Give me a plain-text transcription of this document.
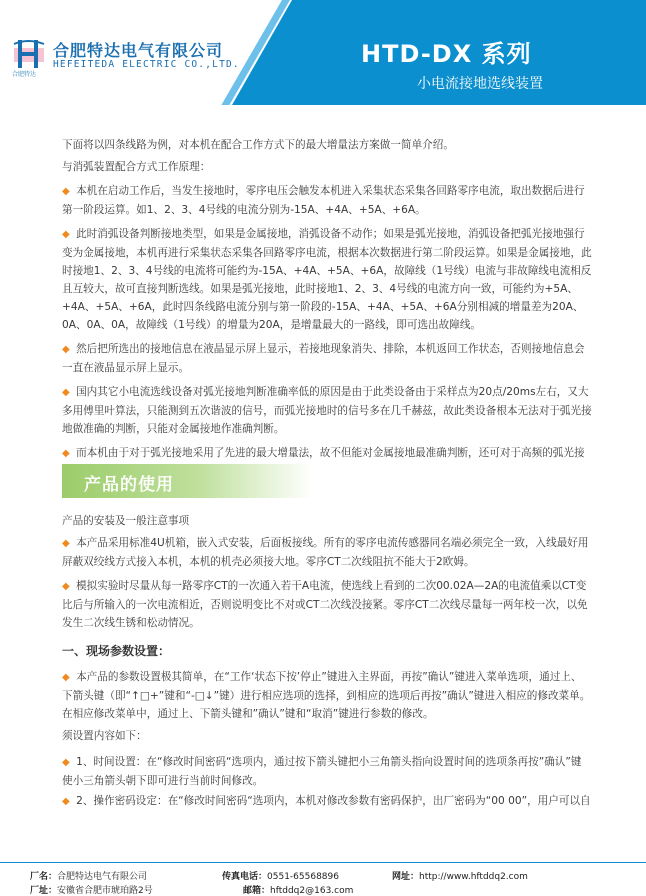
合肥特达
合肥特达电气有限公司
HEFEITEDA ELECTRIC CO.,LTD.	HTD-DX 系列
小电流接地选线装置

下面将以四条线路为例，对本机在配合工作方式下的最大增量法方案做一简单介绍。

与消弧装置配合方式工作原理：

◆ 本机在启动工作后，当发生接地时，零序电压会触发本机进入采集状态采集各回路零序电流，取出数据后进行第一阶段运算。如1、2、3、4号线的电流分别为-15A、+4A、+5A、+6A。

◆ 此时消弧设备判断接地类型，如果是金属接地，消弧设备不动作；如果是弧光接地，消弧设备把弧光接地强行变为金属接地，本机再进行采集状态采集各回路零序电流，根据本次数据进行第二阶段运算。如果是金属接地，此时接地1、2、3、4号线的电流将可能约为-15A、+4A、+5A、+6A，故障线（1号线）电流与非故障线电流相反且互较大，故可直接判断选线。如果是弧光接地，此时接地1、2、3、4号线的电流方向一致，可能约为+5A、+4A、+5A、+6A，此时四条线路电流分别与第一阶段的-15A、+4A、+5A、+6A分别相减的增量差为20A、0A、0A、0A，故障线（1号线）的增量为20A，是增量最大的一路线，即可选出故障线。

◆ 然后把所选出的接地信息在液晶显示屏上显示，若接地现象消失、排除，本机返回工作状态，否则接地信息会一直在液晶显示屏上显示。

◆ 国内其它小电流选线设备对弧光接地判断准确率低的原因是由于此类设备由于采样点为20点/20ms左右，又大多用傅里叶算法，只能测到五次谐波的信号，而弧光接地时的信号多在几千赫兹，故此类设备根本无法对于弧光接地做准确的判断，只能对金属接地作准确判断。

◆ 而本机由于对于弧光接地采用了先进的最大增量法，故不但能对金属接地最准确判断，还可对于高频的弧光接

产品的使用

产品的安装及一般注意事项

◆ 本产品采用标准4U机箱，嵌入式安装，后面板接线。所有的零序电流传感器同名端必须完全一致，入线最好用屏蔽双绞线方式接入本机，本机的机壳必须接大地。零序CT二次线阻抗不能大于2欧姆。

◆ 模拟实验时尽量从每一路零序CT的一次通入若干A电流，使选线上看到的二次00.02A—2A的电流值乘以CT变比后与所输入的一次电流相近，否则说明变比不对或CT二次线没接紧。零序CT二次线尽量每一两年校一次，以免发生二次线生锈和松动情况。

一、现场参数设置：

◆ 本产品的参数设置极其简单，在“工作‘状态下按’停止”键进入主界面，再按”确认”键进入菜单选项，通过上、下箭头键（即“↑□+”键和“-□↓”键）进行相应选项的选择，到相应的选项后再按”确认”键进入相应的修改菜单。在相应修改菜单中，通过上、下箭头键和”确认”键和“取消”键进行参数的修改。

须设置内容如下：

◆ 1、时间设置：在“修改时间密码“选项内，通过按下箭头键把小三角箭头指向设置时间的选项条再按”确认”键使小三角箭头朝下即可进行当前时间修改。

◆ 2、操作密码设定：在“修改时间密码“选项内，本机对修改参数有密码保护，出厂密码为“00 00”，用户可以自

厂名：合肥特达电气有限公司
厂址：安徽省合肥市琥珀路2号
传真电话：0551-65568896
邮箱：hftddq2@163.com
网址：http://www.hftddq2.com
